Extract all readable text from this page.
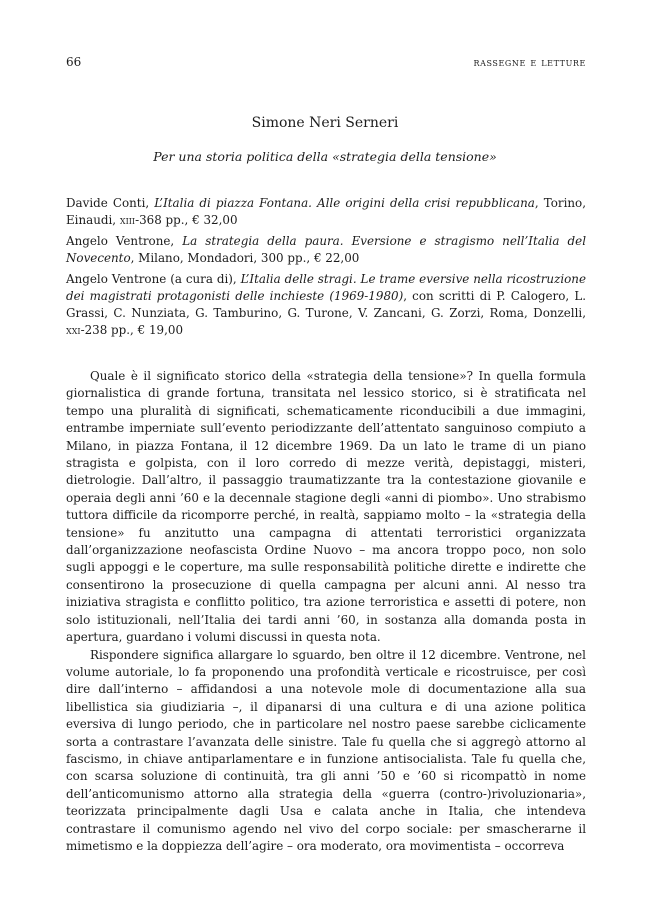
66	rassegne e letture
Simone Neri Serneri
Per una storia politica della «strategia della tensione»

Davide Conti, L’Italia di piazza Fontana. Alle origini della crisi repubblicana, Torino, Einaudi, xiii-368 pp., € 32,00

Angelo Ventrone, La strategia della paura. Eversione e stragismo nell’Italia del Novecento, Milano, Mondadori, 300 pp., € 22,00

Angelo Ventrone (a cura di), L’Italia delle stragi. Le trame eversive nella ricostruzione dei magistrati protagonisti delle inchieste (1969-1980), con scritti di P. Calogero, L. Grassi, C. Nunziata, G. Tamburino, G. Turone, V. Zancani, G. Zorzi, Roma, Donzelli, xxi-238 pp., € 19,00

Quale è il significato storico della «strategia della tensione»? In quella formula giornalistica di grande fortuna, transitata nel lessico storico, si è stratificata nel tempo una pluralità di significati, schematicamente riconducibili a due immagini, entrambe imperniate sull’evento periodizzante dell’attentato sanguinoso compiuto a Milano, in piazza Fontana, il 12 dicembre 1969. Da un lato le trame di un piano stragista e golpista, con il loro corredo di mezze verità, depistaggi, misteri, dietrologie. Dall’altro, il passaggio traumatizzante tra la contestazione giovanile e operaia degli anni ’60 e la decennale stagione degli «anni di piombo». Uno strabismo tuttora difficile da ricomporre perché, in realtà, sappiamo molto – la «strategia della tensione» fu anzitutto una campagna di attentati terroristici organizzata dall’organizzazione neofascista Ordine Nuovo – ma ancora troppo poco, non solo sugli appoggi e le coperture, ma sulle responsabilità politiche dirette e indirette che consentirono la prosecuzione di quella campagna per alcuni anni. Al nesso tra iniziativa stragista e conflitto politico, tra azione terroristica e assetti di potere, non solo istituzionali, nell’Italia dei tardi anni ’60, in sostanza alla domanda posta in apertura, guardano i volumi discussi in questa nota.

Rispondere significa allargare lo sguardo, ben oltre il 12 dicembre. Ventrone, nel volume autoriale, lo fa proponendo una profondità verticale e ricostruisce, per così dire dall’interno – affidandosi a una notevole mole di documentazione alla sua libellistica sia giudiziaria –, il dipanarsi di una cultura e di una azione politica eversiva di lungo periodo, che in particolare nel nostro paese sarebbe ciclicamente sorta a contrastare l’avanzata delle sinistre. Tale fu quella che si aggregò attorno al fascismo, in chiave antiparlamentare e in funzione antisocialista. Tale fu quella che, con scarsa soluzione di continuità, tra gli anni ’50 e ’60 si ricompattò in nome dell’anticomunismo attorno alla strategia della «guerra (contro-)rivoluzionaria», teorizzata principalmente dagli Usa e calata anche in Italia, che intendeva contrastare il comunismo agendo nel vivo del corpo sociale: per smascherarne il mimetismo e la doppiezza dell’agire – ora moderato, ora movimentista – occorreva
